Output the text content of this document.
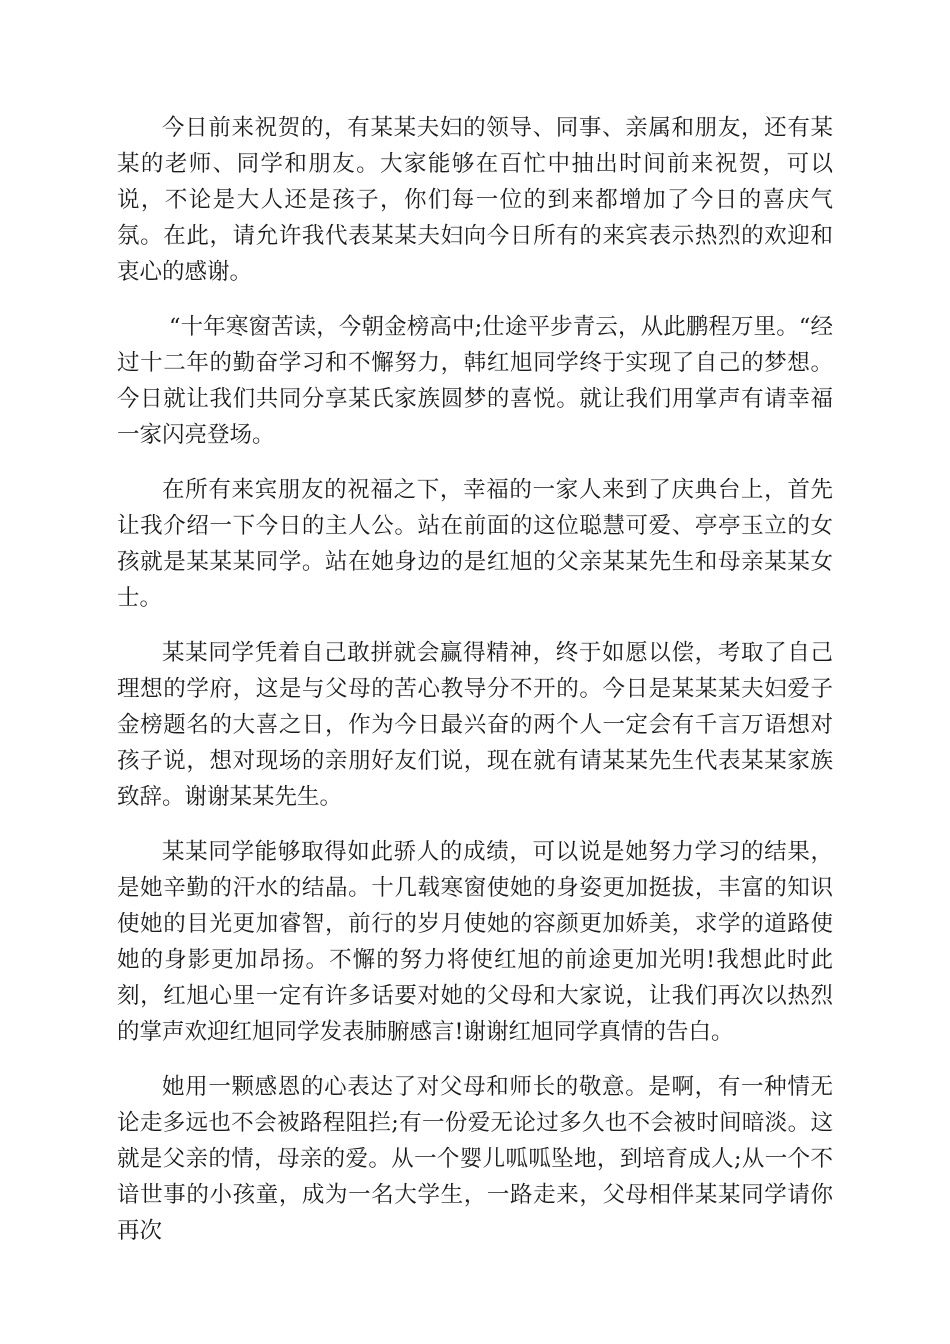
今日前来祝贺的，有某某夫妇的领导、同事、亲属和朋友，还有某某的老师、同学和朋友。大家能够在百忙中抽出时间前来祝贺，可以说，不论是大人还是孩子，你们每一位的到来都增加了今日的喜庆气氛。在此，请允许我代表某某夫妇向今日所有的来宾表示热烈的欢迎和衷心的感谢。

“十年寒窗苦读，今朝金榜高中;仕途平步青云，从此鹏程万里。“经过十二年的勤奋学习和不懈努力，韩红旭同学终于实现了自己的梦想。今日就让我们共同分享某氏家族圆梦的喜悦。就让我们用掌声有请幸福一家闪亮登场。

在所有来宾朋友的祝福之下，幸福的一家人来到了庆典台上，首先让我介绍一下今日的主人公。站在前面的这位聪慧可爱、亭亭玉立的女孩就是某某某同学。站在她身边的是红旭的父亲某某先生和母亲某某女士。

某某同学凭着自己敢拼就会赢得精神，终于如愿以偿，考取了自己理想的学府，这是与父母的苦心教导分不开的。今日是某某某夫妇爱子金榜题名的大喜之日，作为今日最兴奋的两个人一定会有千言万语想对孩子说，想对现场的亲朋好友们说，现在就有请某某先生代表某某家族致辞。谢谢某某先生。

某某同学能够取得如此骄人的成绩，可以说是她努力学习的结果，是她辛勤的汗水的结晶。十几载寒窗使她的身姿更加挺拔，丰富的知识使她的目光更加睿智，前行的岁月使她的容颜更加娇美，求学的道路使她的身影更加昂扬。不懈的努力将使红旭的前途更加光明!我想此时此刻，红旭心里一定有许多话要对她的父母和大家说，让我们再次以热烈的掌声欢迎红旭同学发表肺腑感言!谢谢红旭同学真情的告白。

她用一颗感恩的心表达了对父母和师长的敬意。是啊，有一种情无论走多远也不会被路程阻拦;有一份爱无论过多久也不会被时间暗淡。这就是父亲的情，母亲的爱。从一个婴儿呱呱坠地，到培育成人;从一个不谙世事的小孩童，成为一名大学生，一路走来，父母相伴某某同学请你再次
